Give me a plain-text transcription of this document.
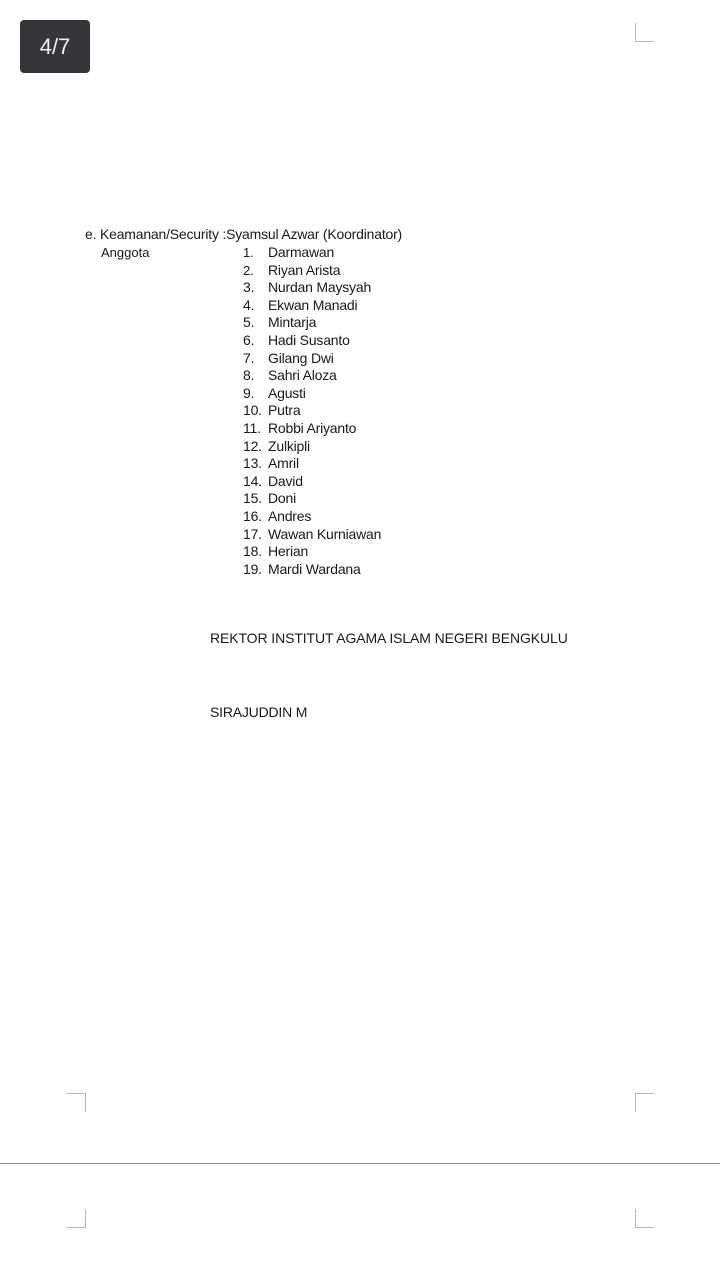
4/7
e. Keamanan/Security :Syamsul Azwar (Koordinator)
Anggota	1.	Darmawan
2.	Riyan Arista
3. Nurdan Maysyah
4. Ekwan Manadi
5. Mintarja
6. Hadi Susanto
7. Gilang Dwi
8. Sahri Aloza
9. Agusti
10. Putra
11. Robbi Ariyanto
12. Zulkipli
13. Amril
14. David
15. Doni
16. Andres
17. Wawan Kurniawan
18. Herian
19. Mardi Wardana
REKTOR INSTITUT AGAMA ISLAM NEGERI BENGKULU
SIRAJUDDIN M
